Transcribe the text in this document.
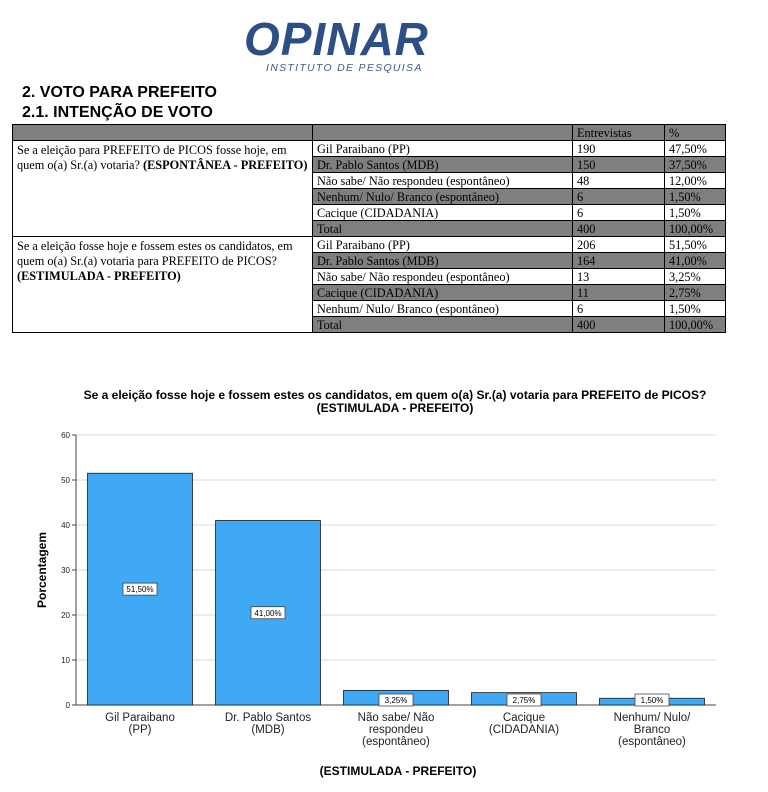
OPINAR
INSTITUTO DE PESQUISA
2. VOTO PARA PREFEITO
2.1. INTENÇÃO DE VOTO
		Entrevistas	%
Se a eleição para PREFEITO de PICOS fosse hoje, em quem o(a) Sr.(a) votaria? (ESPONTÂNEA - PREFEITO)	Gil Paraibano (PP)	190	47,50%
	Dr. Pablo Santos (MDB)	150	37,50%
	Não sabe/ Não respondeu (espontâneo)	48	12,00%
	Nenhum/ Nulo/ Branco (espontâneo)	6	1,50%
	Cacique (CIDADANIA)	6	1,50%
	Total	400	100,00%
Se a eleição fosse hoje e fossem estes os candidatos, em quem o(a) Sr.(a) votaria para PREFEITO de PICOS?
(ESTIMULADA - PREFEITO)	Gil Paraibano (PP)	206	51,50%
	Dr. Pablo Santos (MDB)	164	41,00%
	Não sabe/ Não respondeu (espontâneo)	13	3,25%
	Cacique (CIDADANIA)	11	2,75%
	Nenhum/ Nulo/ Branco (espontâneo)	6	1,50%
	Total	400	100,00%
Se a eleição fosse hoje e fossem estes os candidatos, em quem o(a) Sr.(a) votaria para PREFEITO de PICOS?
(ESTIMULADA - PREFEITO)
0
10
20
30
40
50
60
Porcentagem	51,50%
Gil Paraibano (PP)
41,00%
Dr. Pablo Santos (MDB)
3,25%
Não sabe/ Não respondeu (espontâneo)
2,75%
Cacique (CIDADANIA)
1,50%
Nenhum/ Nulo/ Branco (espontâneo)
(ESTIMULADA - PREFEITO)
